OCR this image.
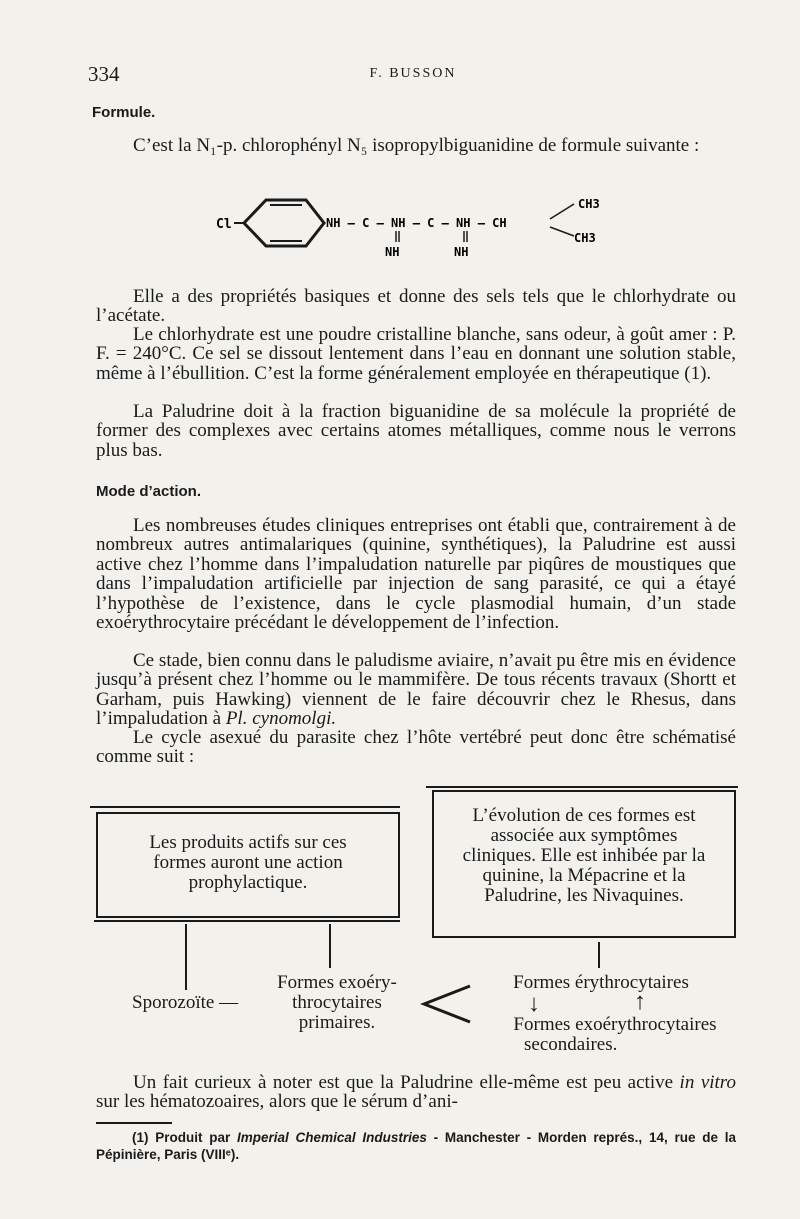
334	F. BUSSON
Formule.

C’est la N₁-p. chlorophényl N₅ isopropylbiguanidine de formule suivante :

Cl	NH — C — NH — C — NH — CH
NH	NH
CH3
CH3

Elle a des propriétés basiques et donne des sels tels que le chlorhydrate ou l’acétate.

Le chlorhydrate est une poudre cristalline blanche, sans odeur, à goût amer : P. F. = 240°C. Ce sel se dissout lentement dans l’eau en donnant une solution stable, même à l’ébullition. C’est la forme généralement employée en thérapeutique (1).

La Paludrine doit à la fraction biguanidine de sa molécule la propriété de former des complexes avec certains atomes métalliques, comme nous le verrons plus bas.

Mode d’action.

Les nombreuses études cliniques entreprises ont établi que, contrairement à de nombreux autres antimalariques (quinine, synthétiques), la Paludrine est aussi active chez l’homme dans l’impaludation naturelle par piqûres de moustiques que dans l’impaludation artificielle par injection de sang parasité, ce qui a étayé l’hypothèse de l’existence, dans le cycle plasmodial humain, d’un stade exoérythrocytaire précédant le développement de l’infection.

Ce stade, bien connu dans le paludisme aviaire, n’avait pu être mis en évidence jusqu’à présent chez l’homme ou le mammifère. De tous récents travaux (Shortt et Garham, puis Hawking) viennent de le faire découvrir chez le Rhesus, dans l’impaludation à Pl. cynomolgi.

Le cycle asexué du parasite chez l’hôte vertébré peut donc être schématisé comme suit :

Les produits actifs sur ces formes auront une action prophylactique.

L’évolution de ces formes est associée aux symptômes cliniques. Elle est inhibée par la quinine, la Mépacrine et la Paludrine, les Nivaquines.

Sporozoïte —

Formes exoéry-

throcytaires

primaires.

Formes érythrocytaires
↓	↑

Formes exoérythrocytaires

secondaires.

Un fait curieux à noter est que la Paludrine elle-même est peu active in vitro sur les hématozoaires, alors que le sérum d’ani-

(1) Produit par Imperial Chemical Industries - Manchester - Morden représ., 14, rue de la Pépinière, Paris (VIIIᵉ).
